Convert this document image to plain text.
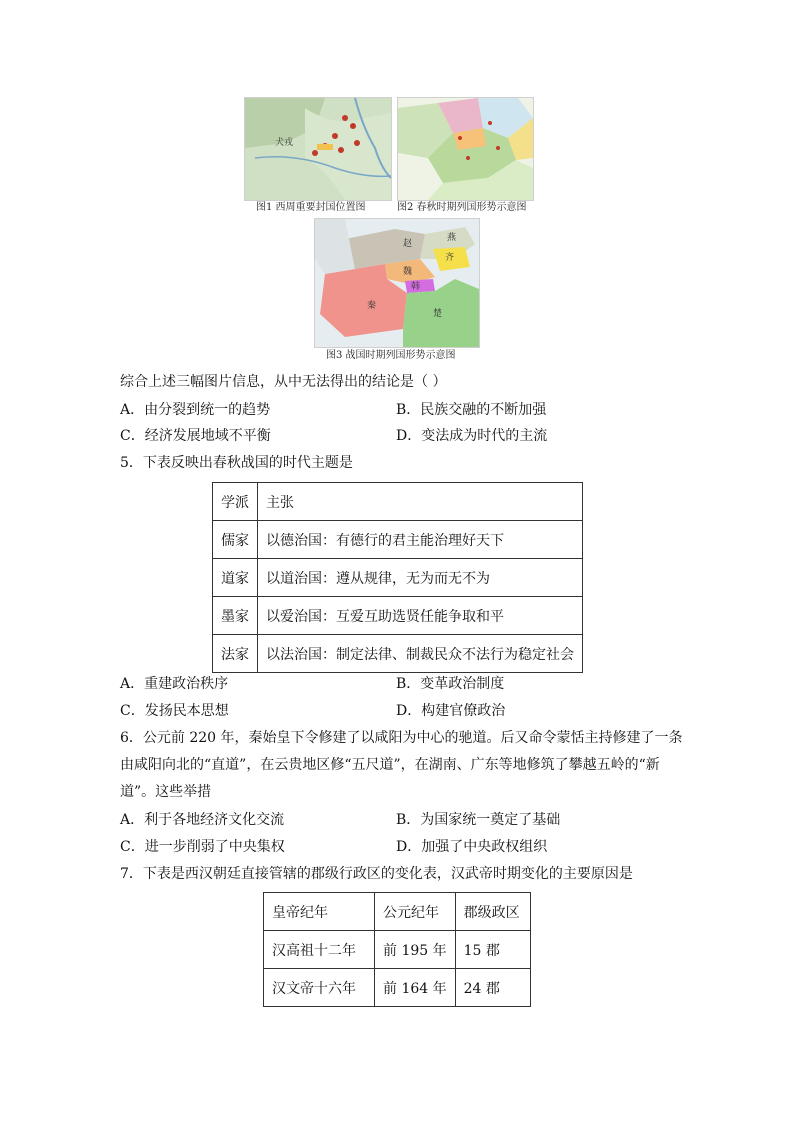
犬戎
图1 西周重要封国位置图	图2 春秋时期列国形势示意图
赵
燕
齐
魏
韩
秦
楚
图3 战国时期列国形势示意图
综合上述三幅图片信息，从中无法得出的结论是（ ）
A．由分裂到统一的趋势	B．民族交融的不断加强
C．经济发展地域不平衡	D．变法成为时代的主流
5．下表反映出春秋战国的时代主题是
学派	主张
儒家	以德治国：有德行的君主能治理好天下
道家	以道治国：遵从规律，无为而无不为
墨家	以爱治国：互爱互助选贤任能争取和平
法家	以法治国：制定法律、制裁民众不法行为稳定社会
A．重建政治秩序	B．变革政治制度
C．发扬民本思想	D．构建官僚政治
6．公元前 220 年，秦始皇下令修建了以咸阳为中心的驰道。后又命令蒙恬主持修建了一条
由咸阳向北的“直道”，在云贵地区修“五尺道”，在湖南、广东等地修筑了攀越五岭的“新
道”。这些举措
A．利于各地经济文化交流	B．为国家统一奠定了基础
C．进一步削弱了中央集权	D．加强了中央政权组织
7．下表是西汉朝廷直接管辖的郡级行政区的变化表，汉武帝时期变化的主要原因是
皇帝纪年	公元纪年	郡级政区
汉高祖十二年	前 195 年	15 郡
汉文帝十六年	前 164 年	24 郡
